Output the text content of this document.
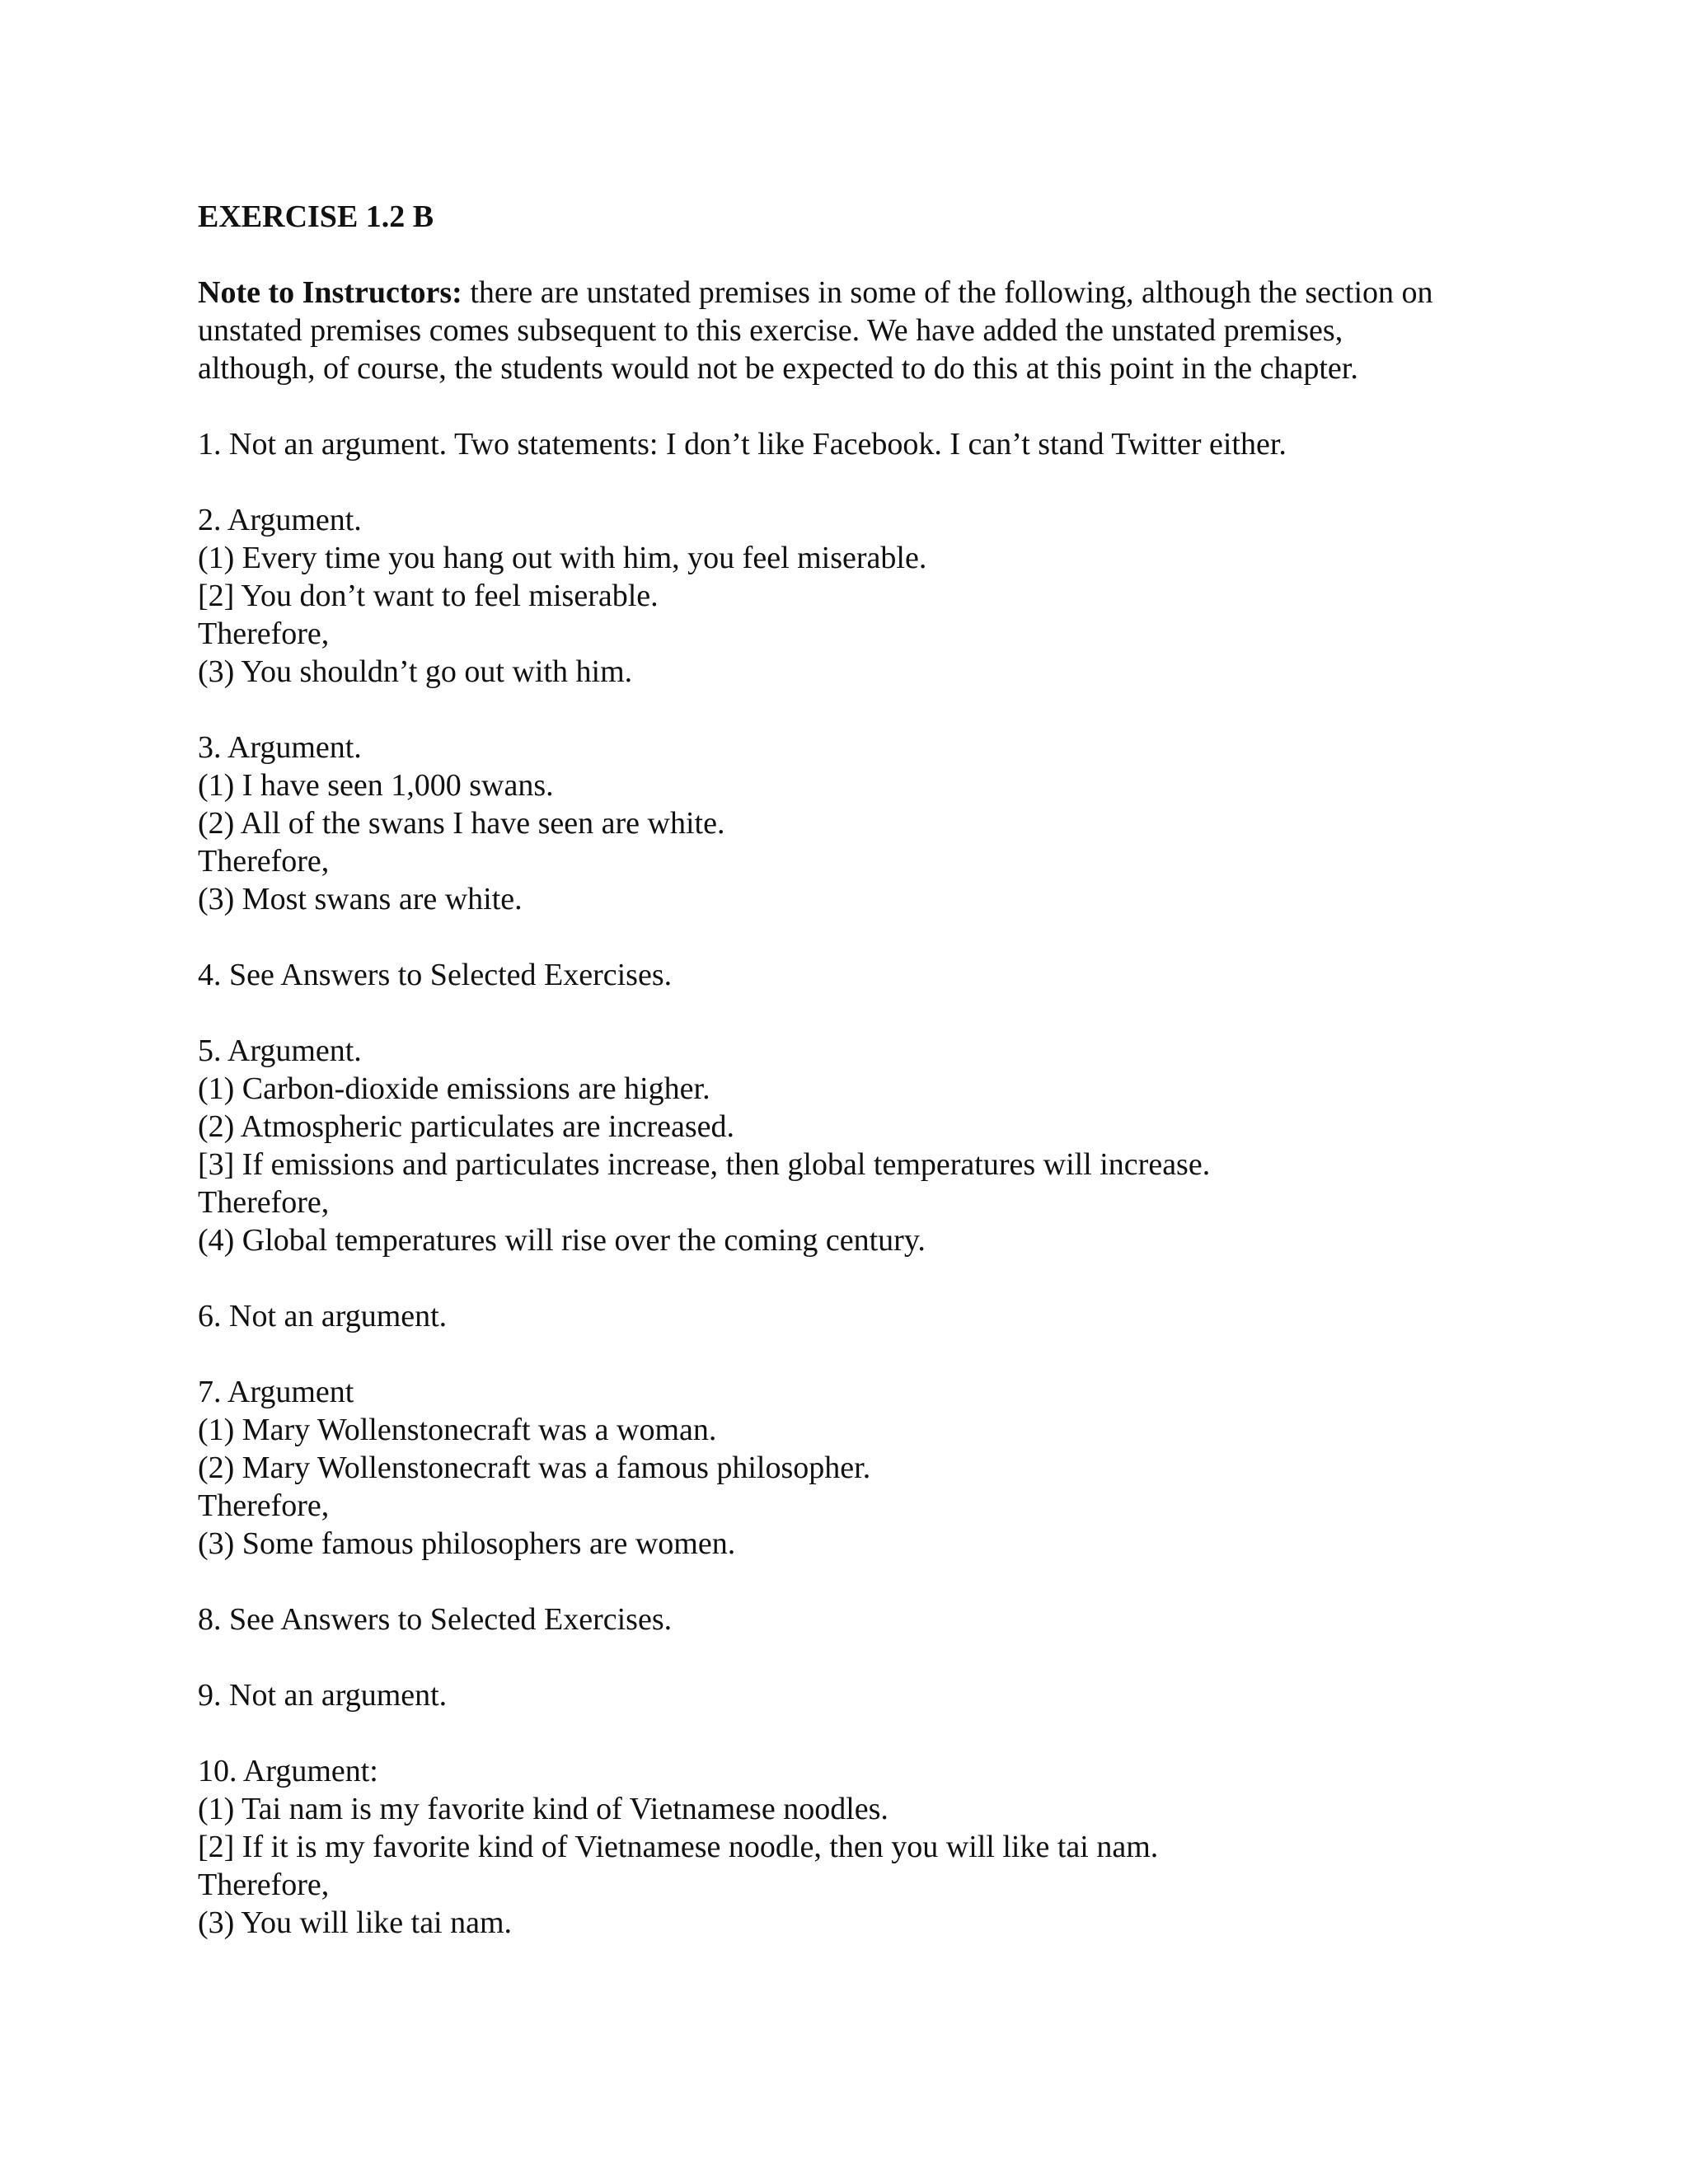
EXERCISE 1.2 B
Note to Instructors: there are unstated premises in some of the following, although the section on unstated premises comes subsequent to this exercise. We have added the unstated premises, although, of course, the students would not be expected to do this at this point in the chapter.
1. Not an argument. Two statements: I don’t like Facebook. I can’t stand Twitter either.
2. Argument.
(1) Every time you hang out with him, you feel miserable.
[2] You don’t want to feel miserable.
Therefore,
(3) You shouldn’t go out with him.
3. Argument.
(1) I have seen 1,000 swans.
(2) All of the swans I have seen are white.
Therefore,
(3) Most swans are white.
4. See Answers to Selected Exercises.
5. Argument.
(1) Carbon-dioxide emissions are higher.
(2) Atmospheric particulates are increased.
[3] If emissions and particulates increase, then global temperatures will increase.
Therefore,
(4) Global temperatures will rise over the coming century.
6. Not an argument.
7. Argument
(1) Mary Wollenstonecraft was a woman.
(2) Mary Wollenstonecraft was a famous philosopher.
Therefore,
(3) Some famous philosophers are women.
8. See Answers to Selected Exercises.
9. Not an argument.
10. Argument:
(1) Tai nam is my favorite kind of Vietnamese noodles.
[2] If it is my favorite kind of Vietnamese noodle, then you will like tai nam.
Therefore,
(3) You will like tai nam.
